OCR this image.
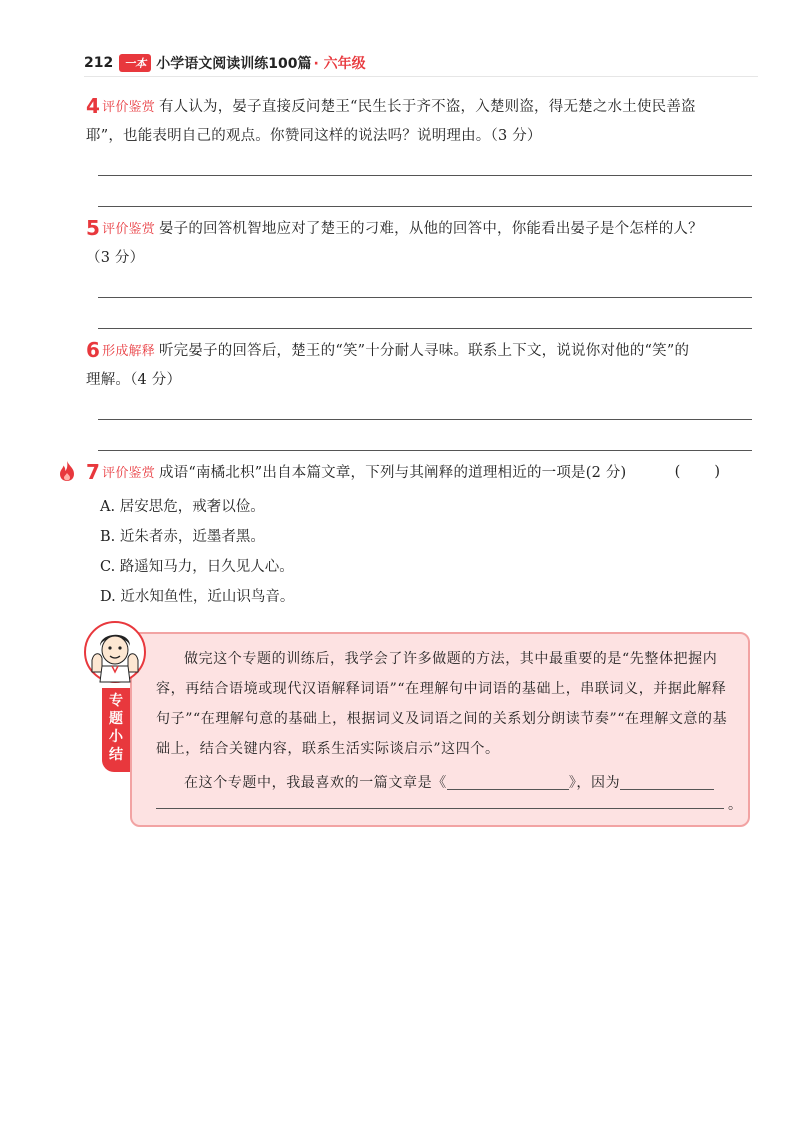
212	一本 小学语文阅读训练100篇 · 六年级
4 评价鉴赏 有人认为，晏子直接反问楚王“民生长于齐不盗，入楚则盗，得无楚之水土使民善盗
耶”，也能表明自己的观点。你赞同这样的说法吗？说明理由。（3 分）
5 评价鉴赏 晏子的回答机智地应对了楚王的刁难，从他的回答中，你能看出晏子是个怎样的人？
（3 分）
6 形成解释 听完晏子的回答后，楚王的“笑”十分耐人寻味。联系上下文，说说你对他的“笑”的
理解。（4 分）
7 评价鉴赏 成语“南橘北枳”出自本篇文章，下列与其阐释的道理相近的一项是(2 分)	()
A. 居安思危，戒奢以俭。
B. 近朱者赤，近墨者黑。
C. 路遥知马力，日久见人心。
D. 近水知鱼性，近山识鸟音。

做完这个专题的训练后，我学会了许多做题的方法，其中最重要的是“先整体把握内容，再结合语境或现代汉语解释词语”“在理解句中词语的基础上，串联词义，并据此解释句子”“在理解句意的基础上，根据词义及词语之间的关系划分朗读节奏”“在理解文意的基础上，结合关键内容，联系生活实际谈启示”这四个。

在这个专题中，我最喜欢的一篇文章是《	》，因为

。
专
题
小
结
